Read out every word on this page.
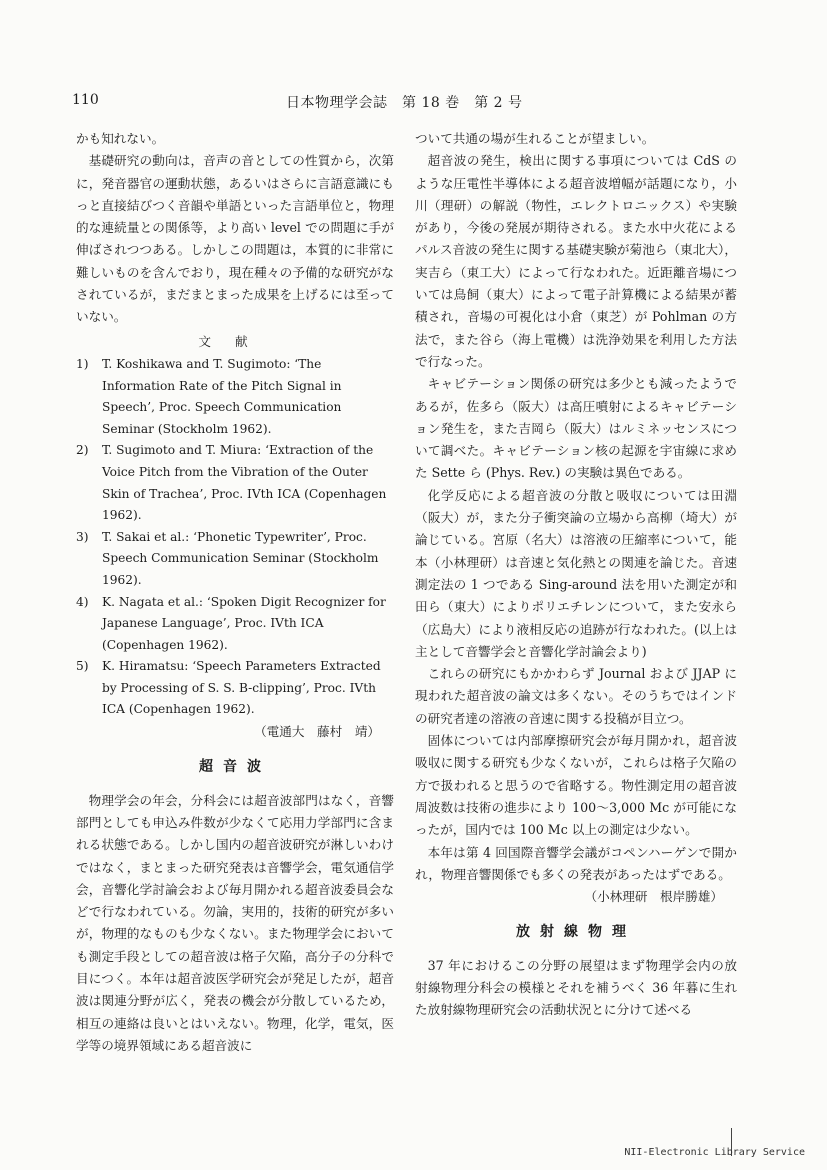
110	日本物理学会誌　第 18 巻　第 2 号

かも知れない。

基礎研究の動向は，音声の音としての性質から，次第に，発音器官の運動状態，あるいはさらに言語意識にもっと直接結びつく音韻や単語といった言語単位と，物理的な連続量との関係等，より高い level での問題に手が伸ばされつつある。しかしこの問題は，本質的に非常に難しいものを含んでおり，現在種々の予備的な研究がなされているが，まだまとまった成果を上げるには至っていない。

文献
1) T. Koshikawa and T. Sugimoto: ‘The Information Rate of the Pitch Signal in Speech’, Proc. Speech Communication Seminar (Stockholm 1962).
2) T. Sugimoto and T. Miura: ‘Extraction of the Voice Pitch from the Vibration of the Outer Skin of Trachea’, Proc. IVth ICA (Copenhagen 1962).
3) T. Sakai et al.: ‘Phonetic Typewriter’, Proc. Speech Communication Seminar (Stockholm 1962).
4) K. Nagata et al.: ‘Spoken Digit Recognizer for Japanese Language’, Proc. IVth ICA (Copenhagen 1962).
5) K. Hiramatsu: ‘Speech Parameters Extracted by Processing of S. S. B-clipping’, Proc. IVth ICA (Copenhagen 1962).

（電通大　藤村　靖）

超音波

物理学会の年会，分科会には超音波部門はなく，音響部門としても申込み件数が少なくて応用力学部門に含まれる状態である。しかし国内の超音波研究が淋しいわけではなく，まとまった研究発表は音響学会，電気通信学会，音響化学討論会および毎月開かれる超音波委員会などで行なわれている。勿論，実用的，技術的研究が多いが，物理的なものも少なくない。また物理学会においても測定手段としての超音波は格子欠陥，高分子の分科で目につく。本年は超音波医学研究会が発足したが，超音波は関連分野が広く，発表の機会が分散しているため，相互の連絡は良いとはいえない。物理，化学，電気，医学等の境界領域にある超音波に

ついて共通の場が生れることが望ましい。

超音波の発生，検出に関する事項については CdS のような圧電性半導体による超音波増幅が話題になり，小川（理研）の解説（物性，エレクトロニックス）や実験があり，今後の発展が期待される。また水中火花によるパルス音波の発生に関する基礎実験が菊池ら（東北大），実吉ら（東工大）によって行なわれた。近距離音場については鳥飼（東大）によって電子計算機による結果が蓄積され，音場の可視化は小倉（東芝）が Pohlman の方法で，また谷ら（海上電機）は洗浄効果を利用した方法で行なった。

キャビテーション関係の研究は多少とも減ったようであるが，佐多ら（阪大）は高圧噴射によるキャビテーション発生を，また吉岡ら（阪大）はルミネッセンスについて調べた。キャビテーション核の起源を宇宙線に求めた Sette ら (Phys. Rev.) の実験は異色である。

化学反応による超音波の分散と吸収については田淵（阪大）が，また分子衝突論の立場から高柳（埼大）が論じている。宮原（名大）は溶液の圧縮率について，能本（小林理研）は音速と気化熱との関連を論じた。音速測定法の 1 つである Sing-around 法を用いた測定が和田ら（東大）によりポリエチレンについて，また安永ら（広島大）により液相反応の追跡が行なわれた。(以上は主として音響学会と音響化学討論会より)

これらの研究にもかかわらず Journal および JJAP に現われた超音波の論文は多くない。そのうちではインドの研究者達の溶液の音速に関する投稿が目立つ。

固体については内部摩擦研究会が毎月開かれ，超音波吸収に関する研究も少なくないが，これらは格子欠陥の方で扱われると思うので省略する。物性測定用の超音波周波数は技術の進歩により 100～3,000 Mc が可能になったが，国内では 100 Mc 以上の測定は少ない。

本年は第 4 回国際音響学会議がコペンハーゲンで開かれ，物理音響関係でも多くの発表があったはずである。

（小林理研　根岸勝雄）

放射線物理

37 年におけるこの分野の展望はまず物理学会内の放射線物理分科会の模様とそれを補うべく 36 年暮に生れた放射線物理研究会の活動状況とに分けて述べる

NII-Electronic Library Service
